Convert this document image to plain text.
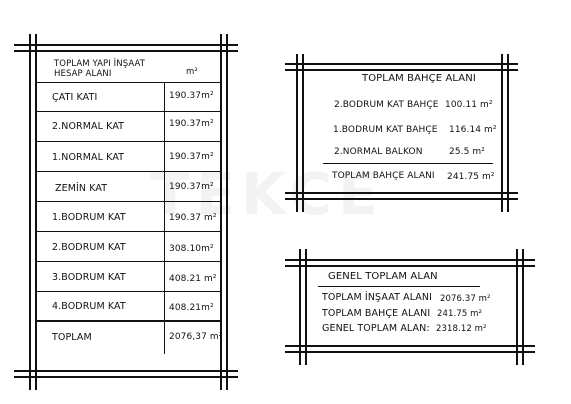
TOPLAM YAPI İNŞAAT
HESAP ALANI	m²
ÇATI KATI	190.37m²
2.NORMAL KAT	190.37m²
1.NORMAL KAT	190.37m²
ZEMİN KAT	190.37m²
1.BODRUM KAT	190.37 m²
2.BODRUM KAT	308.10m²
3.BODRUM KAT	408.21 m²
4.BODRUM KAT	408.21m²
TOPLAM	2076,37 m²
TOPLAM BAHÇE ALANI
2.BODRUM KAT BAHÇE 100.11 m²
1.BODRUM KAT BAHÇE 116.14 m²
2.NORMAL BALKON	25.5 m²
TOPLAM BAHÇE ALANI 241.75 m²
GENEL TOPLAM ALAN
TOPLAM İNŞAAT ALANI 2076.37 m²
TOPLAM BAHÇE ALANI 241.75 m²
GENEL TOPLAM ALAN: 2318.12 m²
